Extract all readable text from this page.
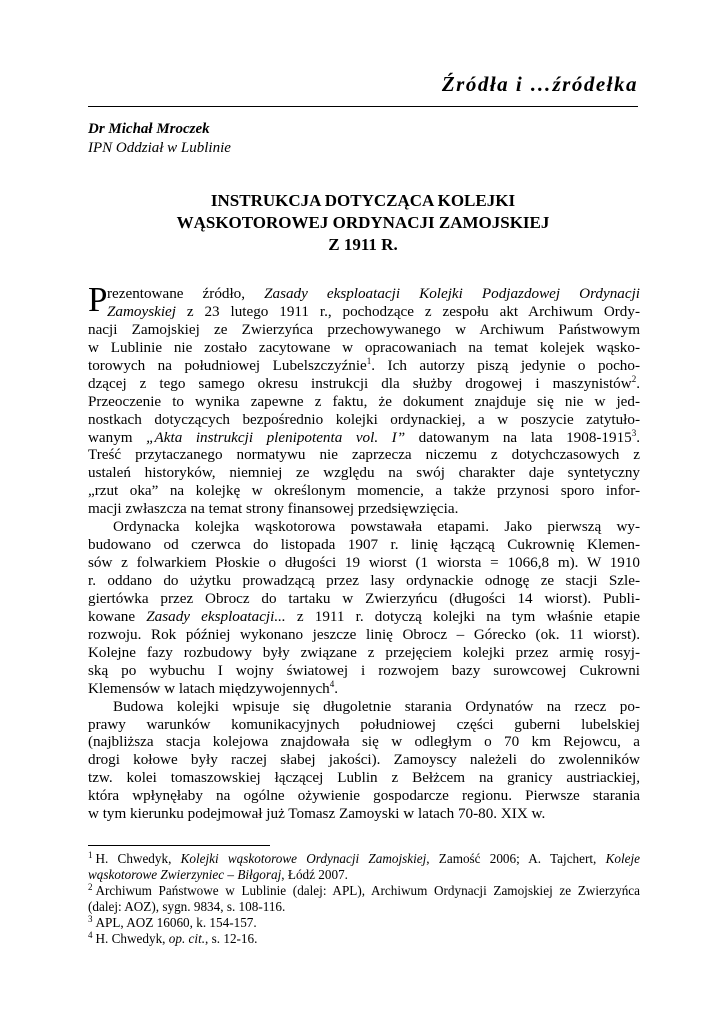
Źródła i …źródełka
Dr Michał Mroczek
IPN Oddział w Lublinie
INSTRUKCJA DOTYCZĄCA KOLEJKI
WĄSKOTOROWEJ ORDYNACJI ZAMOJSKIEJ
Z 1911 R.
P rezentowane źródło, Zasady eksploatacji Kolejki Podjazdowej Ordynacji
Zamoyskiej z 23 lutego 1911 r., pochodzące z zespołu akt Archiwum Ordy-
nacji Zamojskiej ze Zwierzyńca przechowywanego w Archiwum Państwowym
w Lublinie nie zostało zacytowane w opracowaniach na temat kolejek wąsko-
torowych na południowej Lubelszczyźnie$^1$. Ich autorzy piszą jedynie o pocho-
dzącej z tego samego okresu instrukcji dla służby drogowej i maszynistów$^2$.
Przeoczenie to wynika zapewne z faktu, że dokument znajduje się nie w jed-
nostkach dotyczących bezpośrednio kolejki ordynackiej, a w poszycie zatytuło-
wanym „Akta instrukcji plenipotenta vol. I” datowanym na lata 1908-1915$^3$.
Treść przytaczanego normatywu nie zaprzecza niczemu z dotychczasowych z
ustaleń historyków, niemniej ze względu na swój charakter daje syntetyczny
„rzut oka” na kolejkę w określonym momencie, a także przynosi sporo infor-
macji zwłaszcza na temat strony finansowej przedsięwzięcia.
Ordynacka kolejka wąskotorowa powstawała etapami. Jako pierwszą wy-
budowano od czerwca do listopada 1907 r. linię łączącą Cukrownię Klemen-
sów z folwarkiem Płoskie o długości 19 wiorst (1 wiorsta = 1066,8 m). W 1910
r. oddano do użytku prowadzącą przez lasy ordynackie odnogę ze stacji Szle-
giertówka przez Obrocz do tartaku w Zwierzyńcu (długości 14 wiorst). Publi-
kowane Zasady eksploatacji... z 1911 r. dotyczą kolejki na tym właśnie etapie
rozwoju. Rok później wykonano jeszcze linię Obrocz – Górecko (ok. 11 wiorst).
Kolejne fazy rozbudowy były związane z przejęciem kolejki przez armię rosyj-
ską po wybuchu I wojny światowej i rozwojem bazy surowcowej Cukrowni
Klemensów w latach międzywojennych$^4$.
Budowa kolejki wpisuje się długoletnie starania Ordynatów na rzecz po-
prawy warunków komunikacyjnych południowej części guberni lubelskiej
(najbliższa stacja kolejowa znajdowała się w odległym o 70 km Rejowcu, a
drogi kołowe były raczej słabej jakości). Zamoyscy należeli do zwolenników
tzw. kolei tomaszowskiej łączącej Lublin z Bełżcem na granicy austriackiej,
która wpłynęłaby na ogólne ożywienie gospodarcze regionu. Pierwsze starania
w tym kierunku podejmował już Tomasz Zamoyski w latach 70-80. XIX w.
$^1$ H. Chwedyk, Kolejki wąskotorowe Ordynacji Zamojskiej, Zamość 2006; A. Tajchert, Koleje wąskotorowe Zwierzyniec – Biłgoraj, Łódź 2007.
$^2$ Archiwum Państwowe w Lublinie (dalej: APL), Archiwum Ordynacji Zamojskiej ze Zwierzyńca (dalej: AOZ), sygn. 9834, s. 108-116.
$^3$ APL, AOZ 16060, k. 154-157.
$^4$ H. Chwedyk, op. cit., s. 12-16.
